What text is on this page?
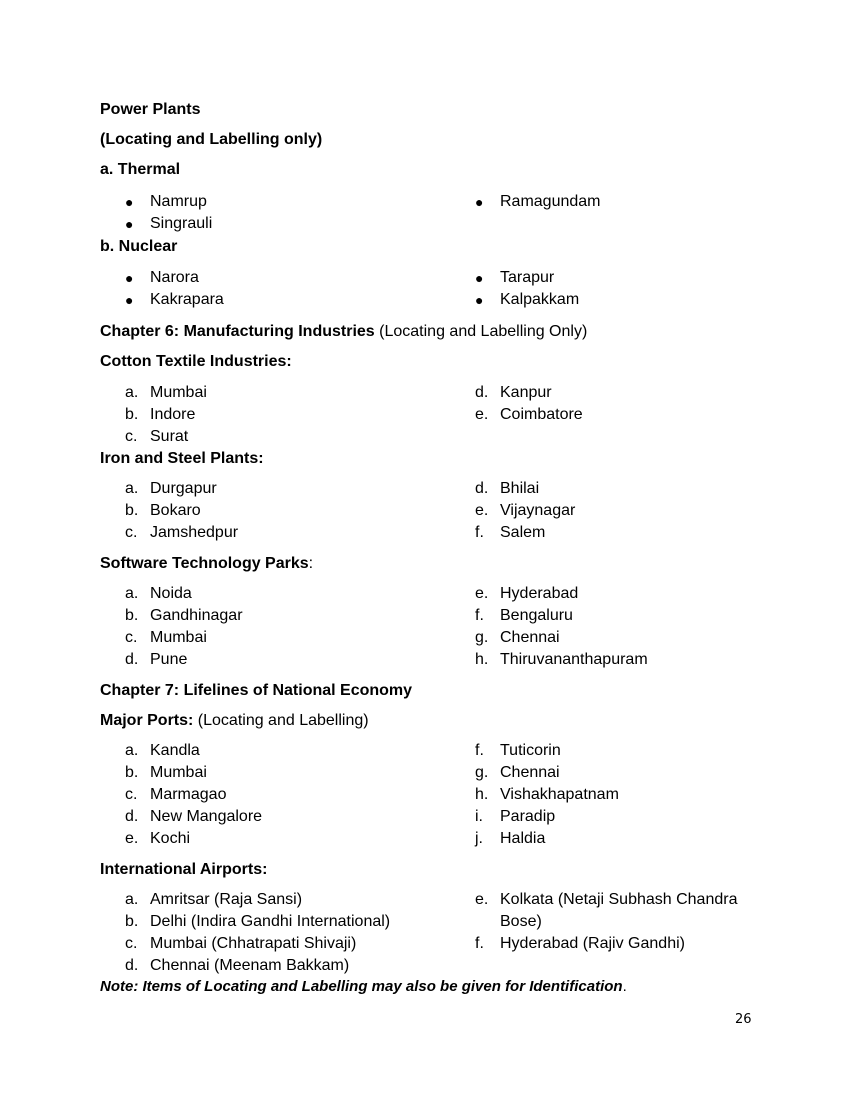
Power Plants
(Locating and Labelling only)
a. Thermal
● Namrup
● Singrauli
● Ramagundam
b. Nuclear
● Narora
● Kakrapara
● Tarapur
● Kalpakkam
Chapter 6: Manufacturing Industries (Locating and Labelling Only)
Cotton Textile Industries:
a. Mumbai
b. Indore
c. Surat
d. Kanpur
e. Coimbatore
Iron and Steel Plants:
a. Durgapur
b. Bokaro
c. Jamshedpur
d. Bhilai
e. Vijaynagar
f. Salem
Software Technology Parks:
a. Noida
b. Gandhinagar
c. Mumbai
d. Pune
e. Hyderabad
f. Bengaluru
g. Chennai
h. Thiruvananthapuram
Chapter 7: Lifelines of National Economy
Major Ports: (Locating and Labelling)
a. Kandla
b. Mumbai
c. Marmagao
d. New Mangalore
e. Kochi
f. Tuticorin
g. Chennai
h. Vishakhapatnam
i. Paradip
j. Haldia
International Airports:
a. Amritsar (Raja Sansi)
b. Delhi (Indira Gandhi International)
c. Mumbai (Chhatrapati Shivaji)
d. Chennai (Meenam Bakkam)
e. Kolkata (Netaji Subhash Chandra
Bose)
f. Hyderabad (Rajiv Gandhi)
Note: Items of Locating and Labelling may also be given for Identification.
26
